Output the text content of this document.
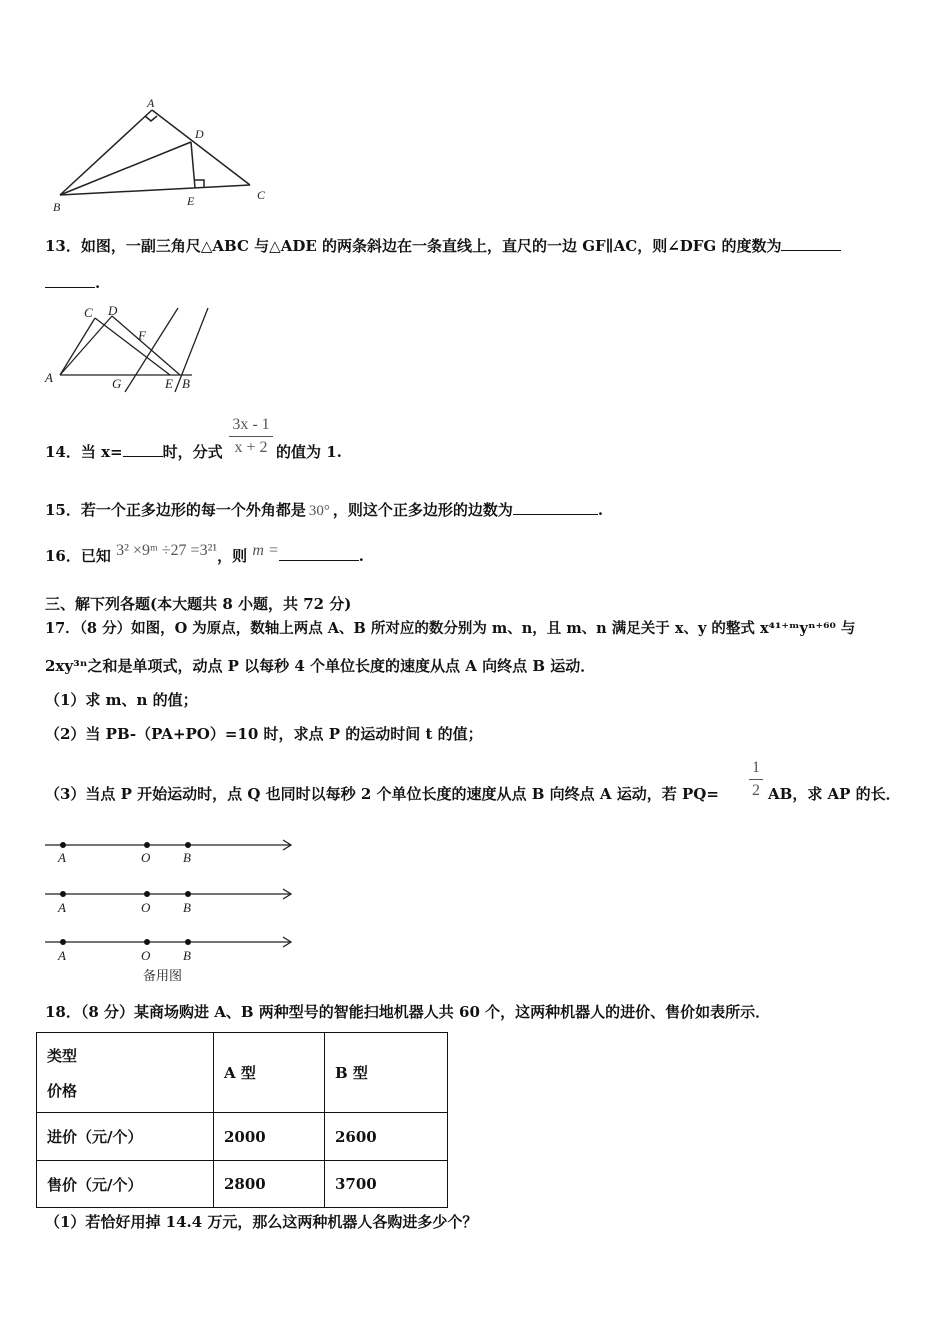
A
D
B	E	C
13．如图，一副三角尺△ABC 与△ADE 的两条斜边在一条直线上，直尺的一边 GF∥AC，则∠DFG 的度数为
.
C D
F
A	G	E B
14．当 x=	时，分式 $\frac{3x - 1}{x + 2}$ 的值为 1.
15．若一个正多边形的每一个外角都是 30° ，则这个正多边形的边数为	.
16．已知 3² ×9ᵐ ÷27 =3²¹，则 m =	.
三、解下列各题(本大题共 8 小题，共 72 分)
17．（8 分）如图，O 为原点，数轴上两点 A、B 所对应的数分别为 m、n，且 m、n 满足关于 x、y 的整式 x⁴¹⁺ᵐyⁿ⁺⁶⁰ 与
2xy³ⁿ之和是单项式，动点 P 以每秒 4 个单位长度的速度从点 A 向终点 B 运动．
（1）求 m、n 的值；
（2）当 PB-（PA+PO）=10 时，求点 P 的运动时间 t 的值；
（3）当点 P 开始运动时，点 Q 也同时以每秒 2 个单位长度的速度从点 B 向终点 A 运动，若 $PQ= \frac{1}{2}$ AB，求 AP 的长．
A	O	B
A	O	B
A	O	B
备用图
18．（8 分）某商场购进 A、B 两种型号的智能扫地机器人共 60 个，这两种机器人的进价、售价如表所示．
类型
价格	A 型	B 型
进价（元/个）	2000	2600
售价（元/个）	2800	3700
（1）若恰好用掉 14.4 万元，那么这两种机器人各购进多少个？
